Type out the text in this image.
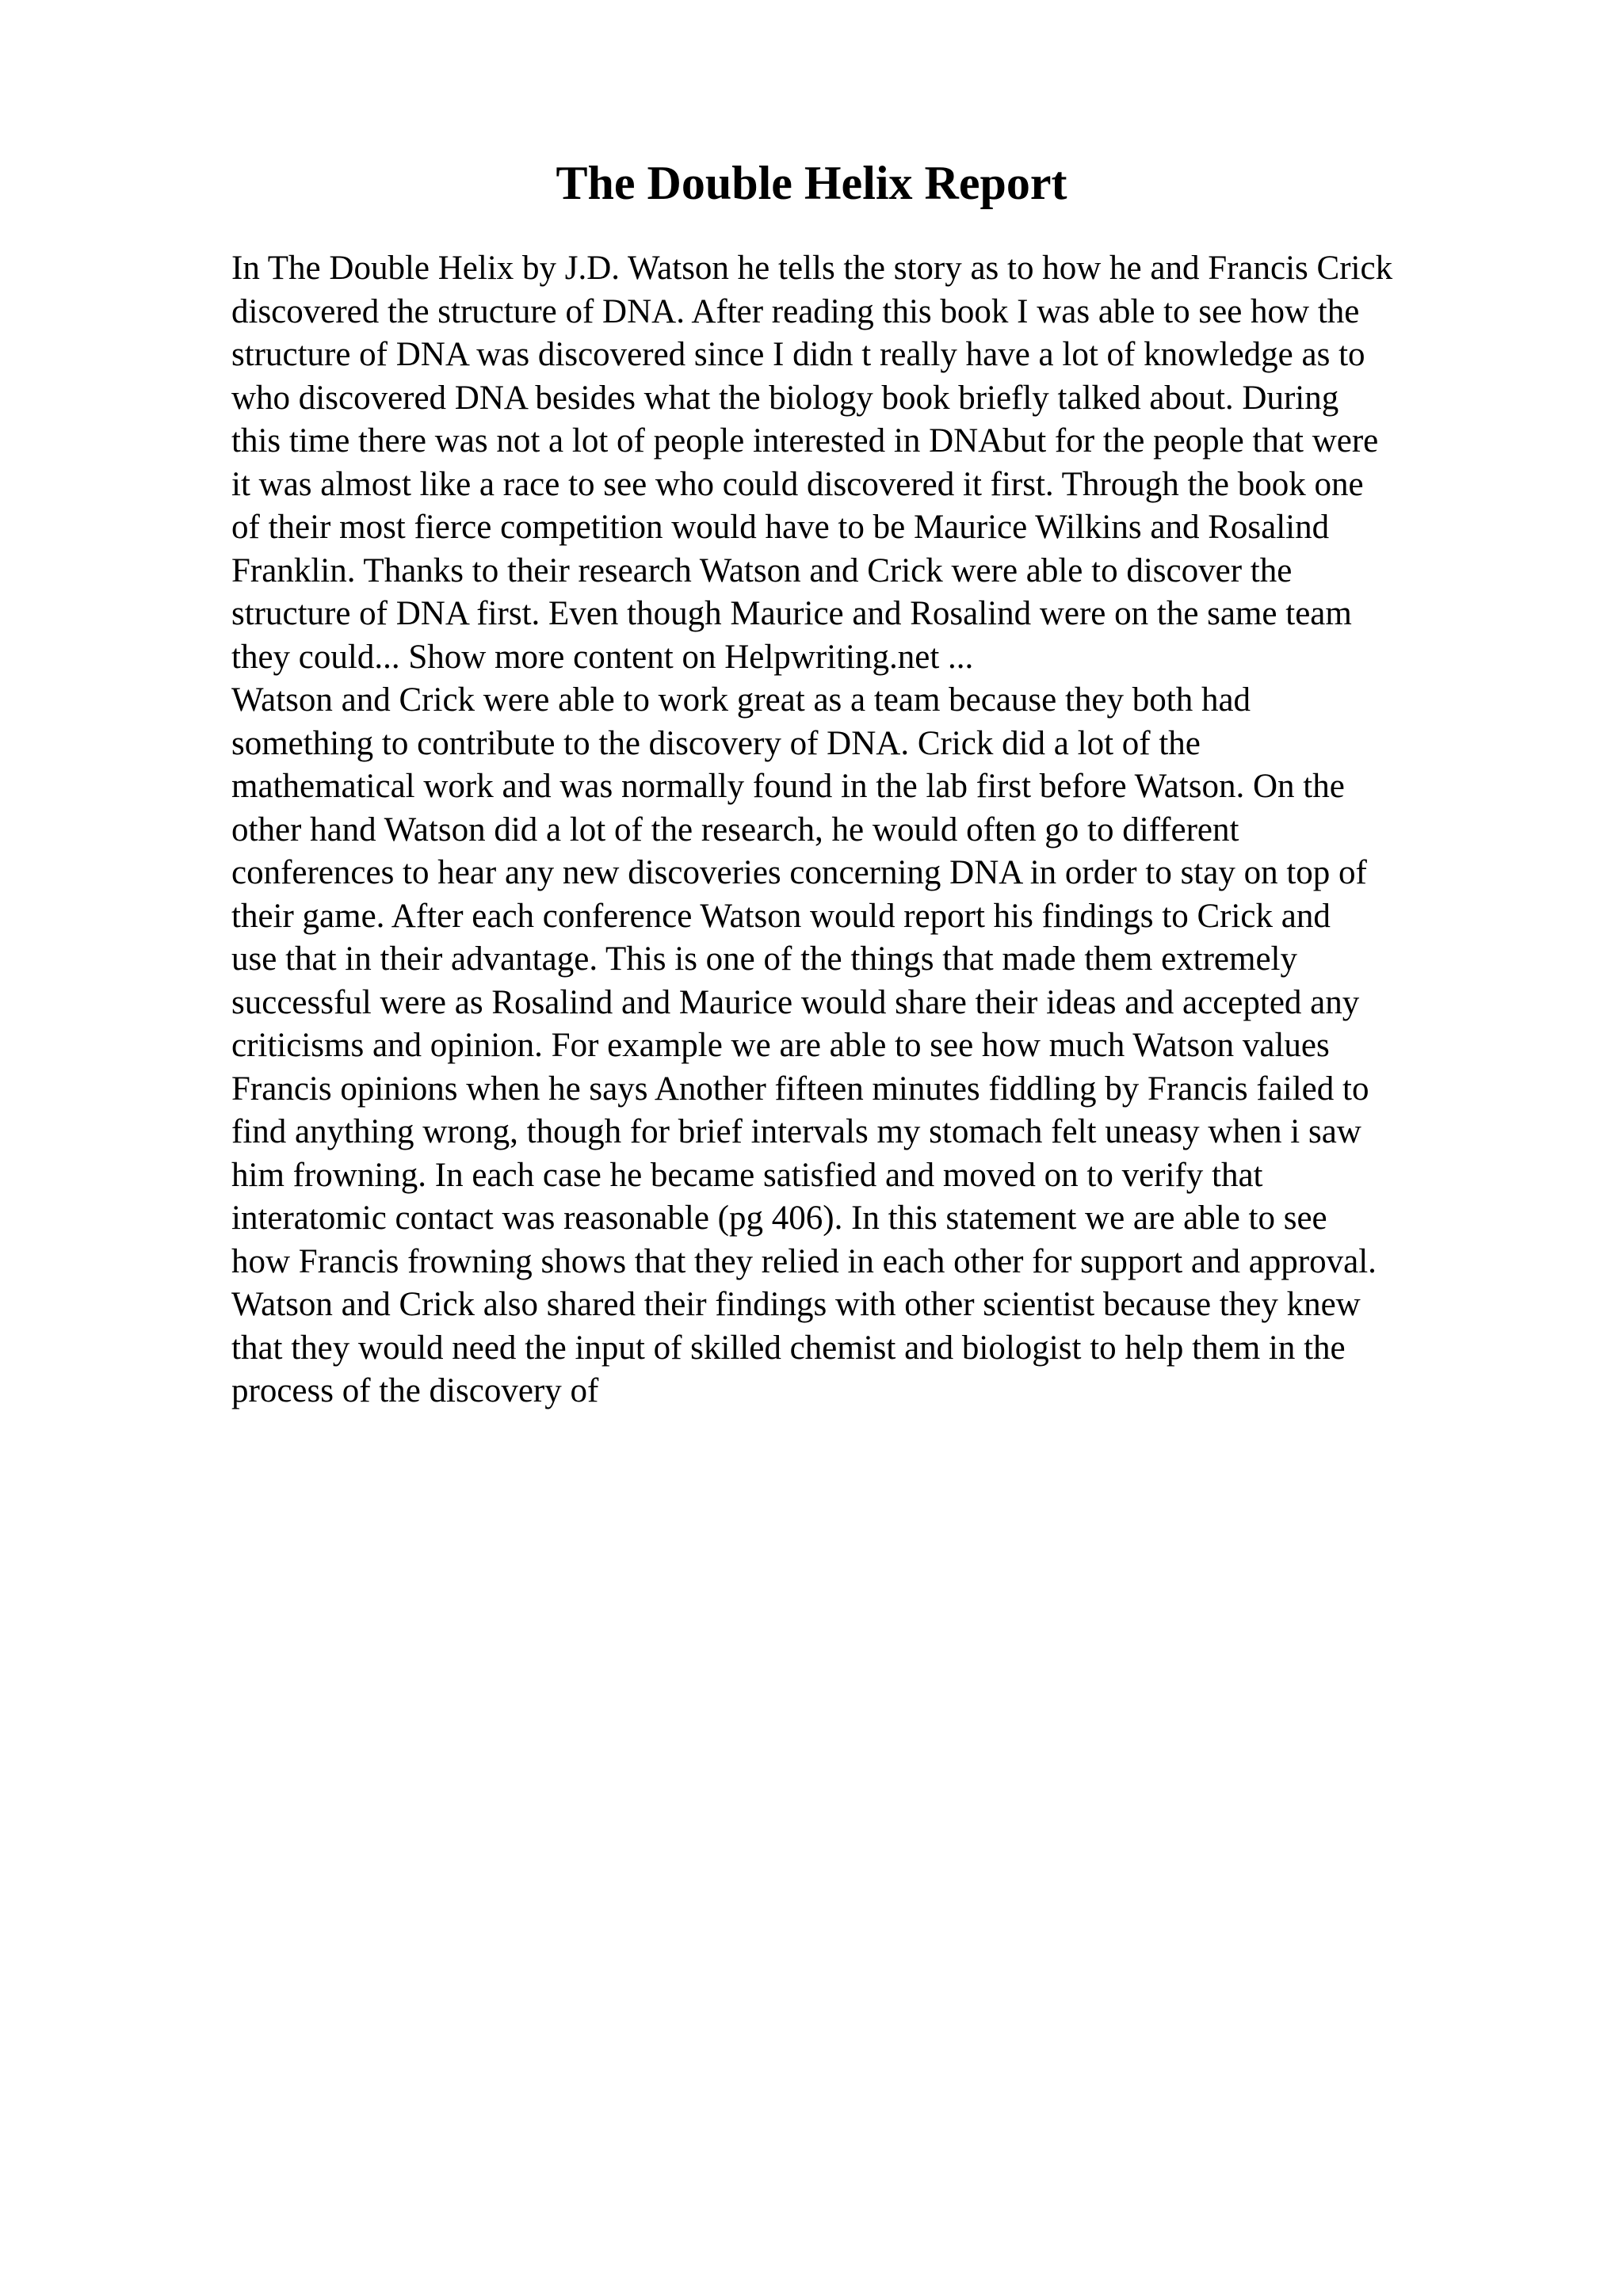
The Double Helix Report
In The Double Helix by J.D. Watson he tells the story as to how he and Francis Crick
discovered the structure of DNA. After reading this book I was able to see how the
structure of DNA was discovered since I didn t really have a lot of knowledge as to
who discovered DNA besides what the biology book briefly talked about. During
this time there was not a lot of people interested in DNAbut for the people that were
it was almost like a race to see who could discovered it first. Through the book one
of their most fierce competition would have to be Maurice Wilkins and Rosalind
Franklin. Thanks to their research Watson and Crick were able to discover the
structure of DNA first. Even though Maurice and Rosalind were on the same team
they could... Show more content on Helpwriting.net ...
Watson and Crick were able to work great as a team because they both had
something to contribute to the discovery of DNA. Crick did a lot of the
mathematical work and was normally found in the lab first before Watson. On the
other hand Watson did a lot of the research, he would often go to different
conferences to hear any new discoveries concerning DNA in order to stay on top of
their game. After each conference Watson would report his findings to Crick and
use that in their advantage. This is one of the things that made them extremely
successful were as Rosalind and Maurice would share their ideas and accepted any
criticisms and opinion. For example we are able to see how much Watson values
Francis opinions when he says Another fifteen minutes fiddling by Francis failed to
find anything wrong, though for brief intervals my stomach felt uneasy when i saw
him frowning. In each case he became satisfied and moved on to verify that
interatomic contact was reasonable (pg 406). In this statement we are able to see
how Francis frowning shows that they relied in each other for support and approval.
Watson and Crick also shared their findings with other scientist because they knew
that they would need the input of skilled chemist and biologist to help them in the
process of the discovery of
